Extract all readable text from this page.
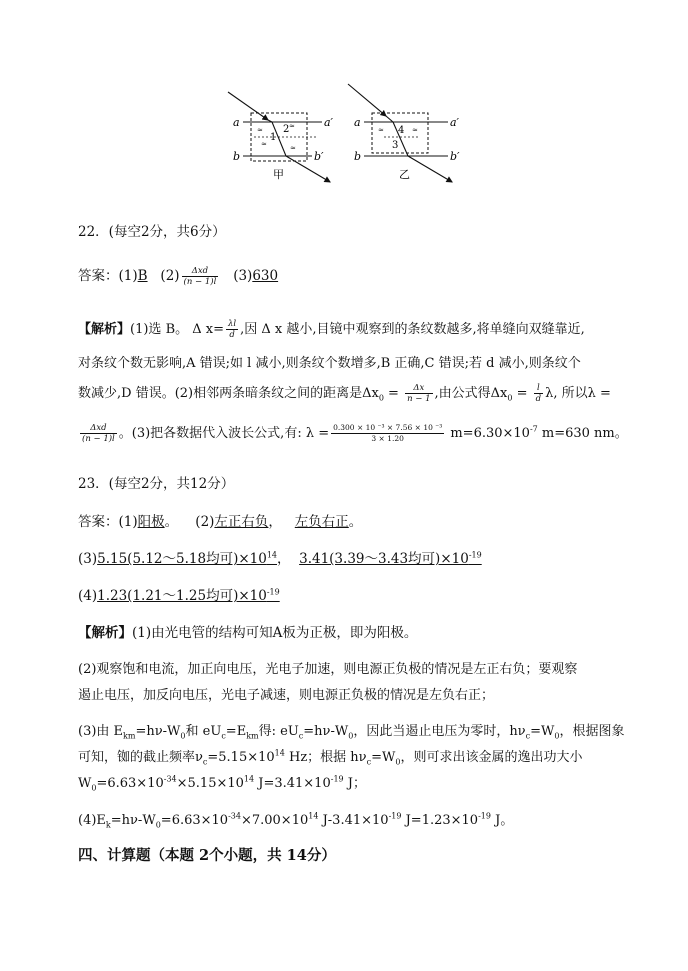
a
b
a′
b′
1
2
≈
≈
≈
≈
甲
a
b
a′
b′
4
3
≈	≈
乙
22．(每空2分，共6分）
答案：(1)B $(2) \frac{\text{Δxd}}{(n - 1)l} (3)630$
【解析】(1)选 B。 Δ $x= \frac{\lambda l}{d}$ ,因 Δ x 越小,目镜中观察到的条纹数越多,将单缝向双缝靠近,
对条纹个数无影响,A 错误;如 l 减小,则条纹个数增多,B 正确,C 错误;若 d 减小,则条纹个
数减少,D 错误。(2)相邻两条暗条纹之间的距离是$\Delta x_0 = \frac{\Delta x}{n - 1}$ ,由公式得$\Delta x_0 = \frac{l}{d} \lambda$, 所以λ =
$\frac{\text{Δxd}}{(n - 1)l}$ 。(3)把各数据代入波长公式,有: $\lambda = \frac{\text{0.300 × 10 ⁻³ × 7.56 × 10 ⁻³}}{3 \times 1.20} m=6.30\times 10^{-7}$ m=630 nm。
23．(每空2分，共12分）
答案：(1)阳极。 (2)左正右负， 左负右正。
(3)5.15(5.12～5.18均可)$\times 10^{14}$， 3.41(3.39～3.43均可)$\times 10^{-19}$
(4)1.23(1.21～1.25均可)$\times 10^{-19}$
【解析】(1)由光电管的结构可知A板为正极，即为阳极。
(2)观察饱和电流，加正向电压，光电子加速，则电源正负极的情况是左正右负；要观察
遏止电压，加反向电压，光电子减速，则电源正负极的情况是左负右正；
(3)由 $E_{km}=h\nu-W_0$和 $eU_c=E_{km}$得: $eU_c=h\nu-W_0$，因此当遏止电压为零时，$h\nu_c=W_0$，根据图象
可知，铷的截止频率$\nu_c=5.15\times 10^{14}$ Hz；根据 $h\nu_c=W_0$，则可求出该金属的逸出功大小
$W_0=6.63\times 10^{-34}\times 5.15\times 10^{14}$ $J=3.41\times 10^{-19}$ J；
$(4)E_k=h\nu-W_0=6.63\times 10^{-34}\times 7.00\times 10^{14}$ $J-3.41\times 10^{-19}$ $J=1.23\times 10^{-19}$ J。
四、计算题（本题 2个小题，共 14分）
